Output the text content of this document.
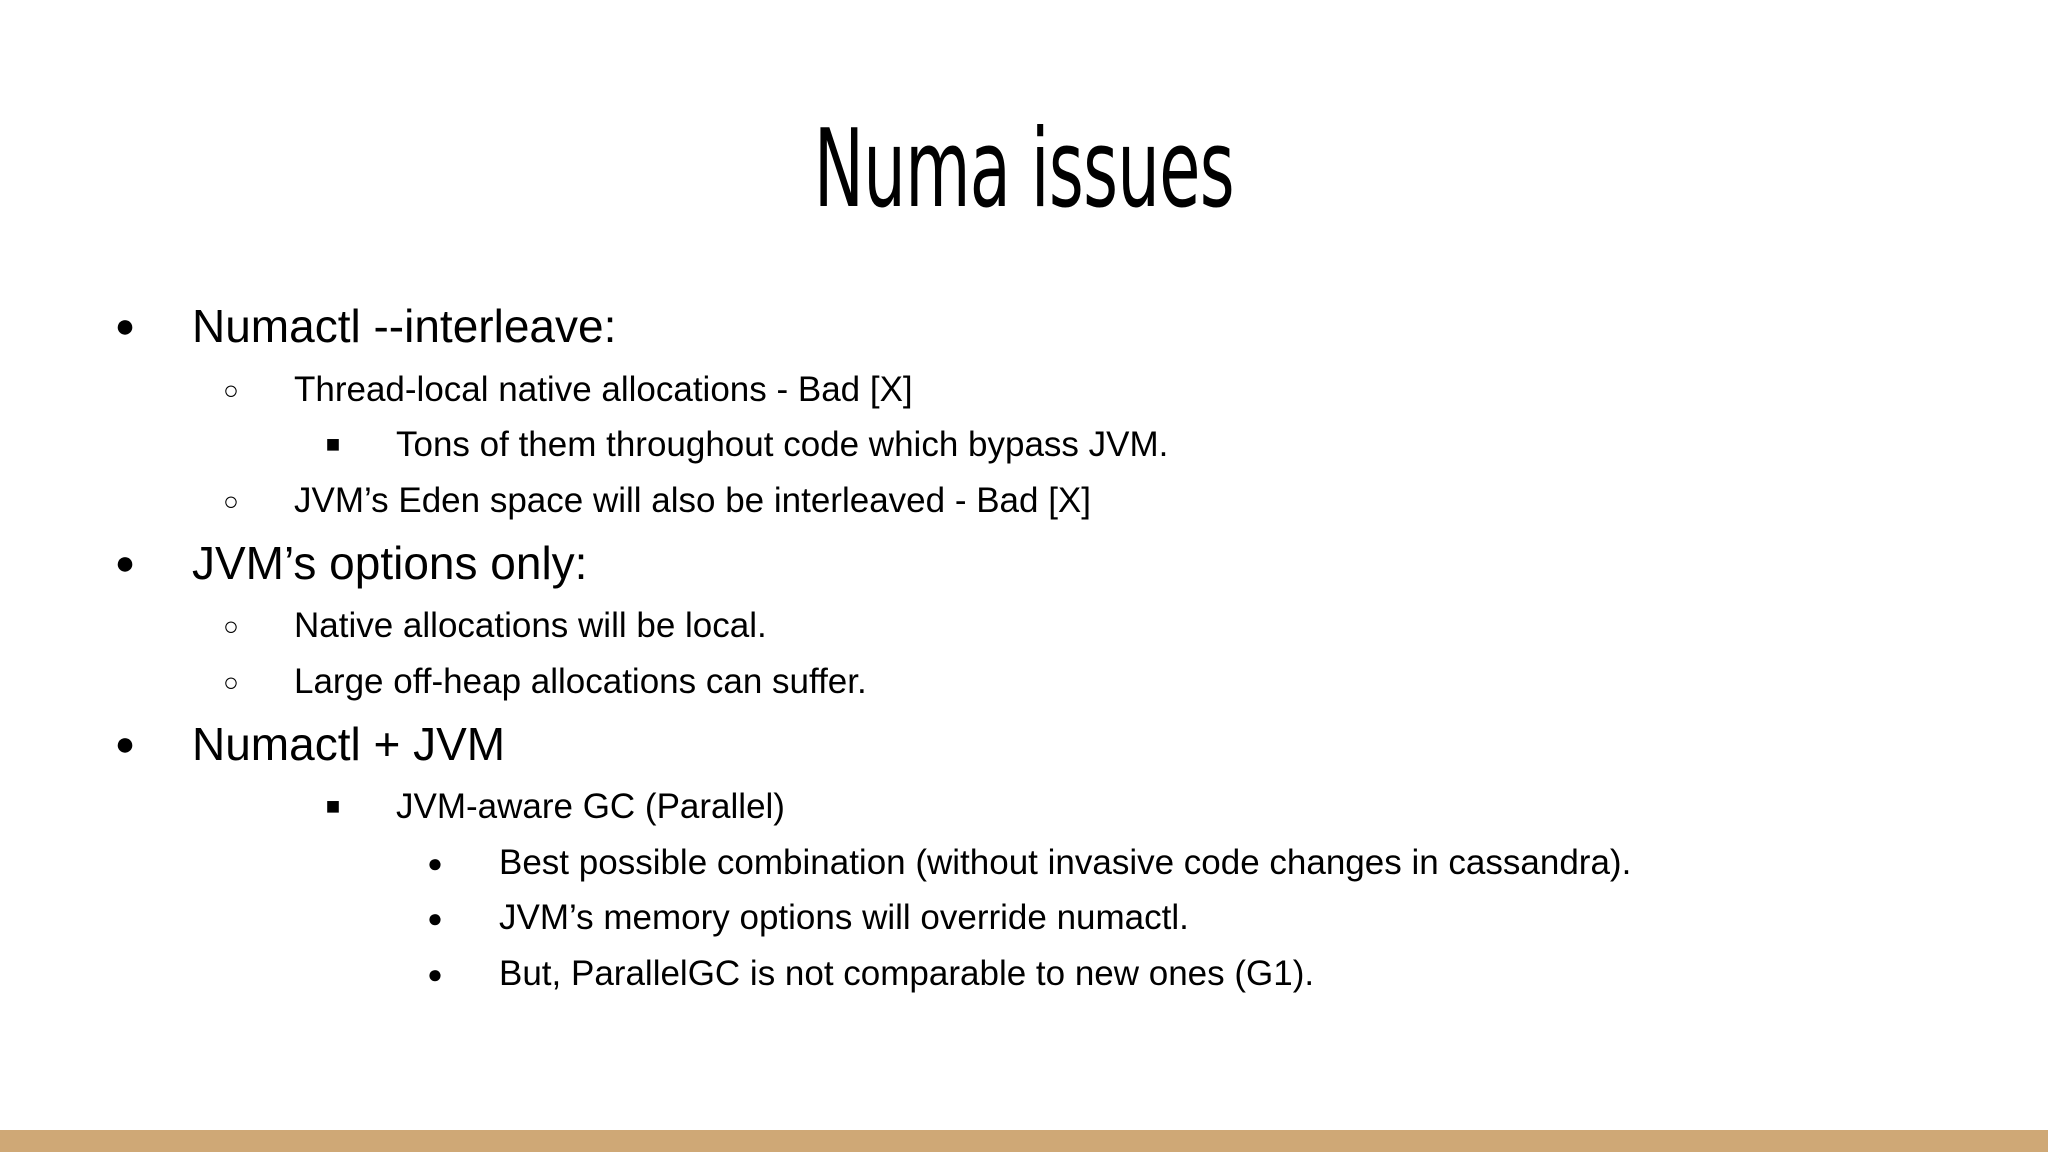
Numa issues
● Numactl --interleave:
○ Thread-local native allocations - Bad [X]
■ Tons of them throughout code which bypass JVM.
○ JVM’s Eden space will also be interleaved - Bad [X]
● JVM’s options only:
○ Native allocations will be local.
○ Large off-heap allocations can suffer.
● Numactl + JVM
■ JVM-aware GC (Parallel)
● Best possible combination (without invasive code changes in cassandra).
● JVM’s memory options will override numactl.
● But, ParallelGC is not comparable to new ones (G1).
